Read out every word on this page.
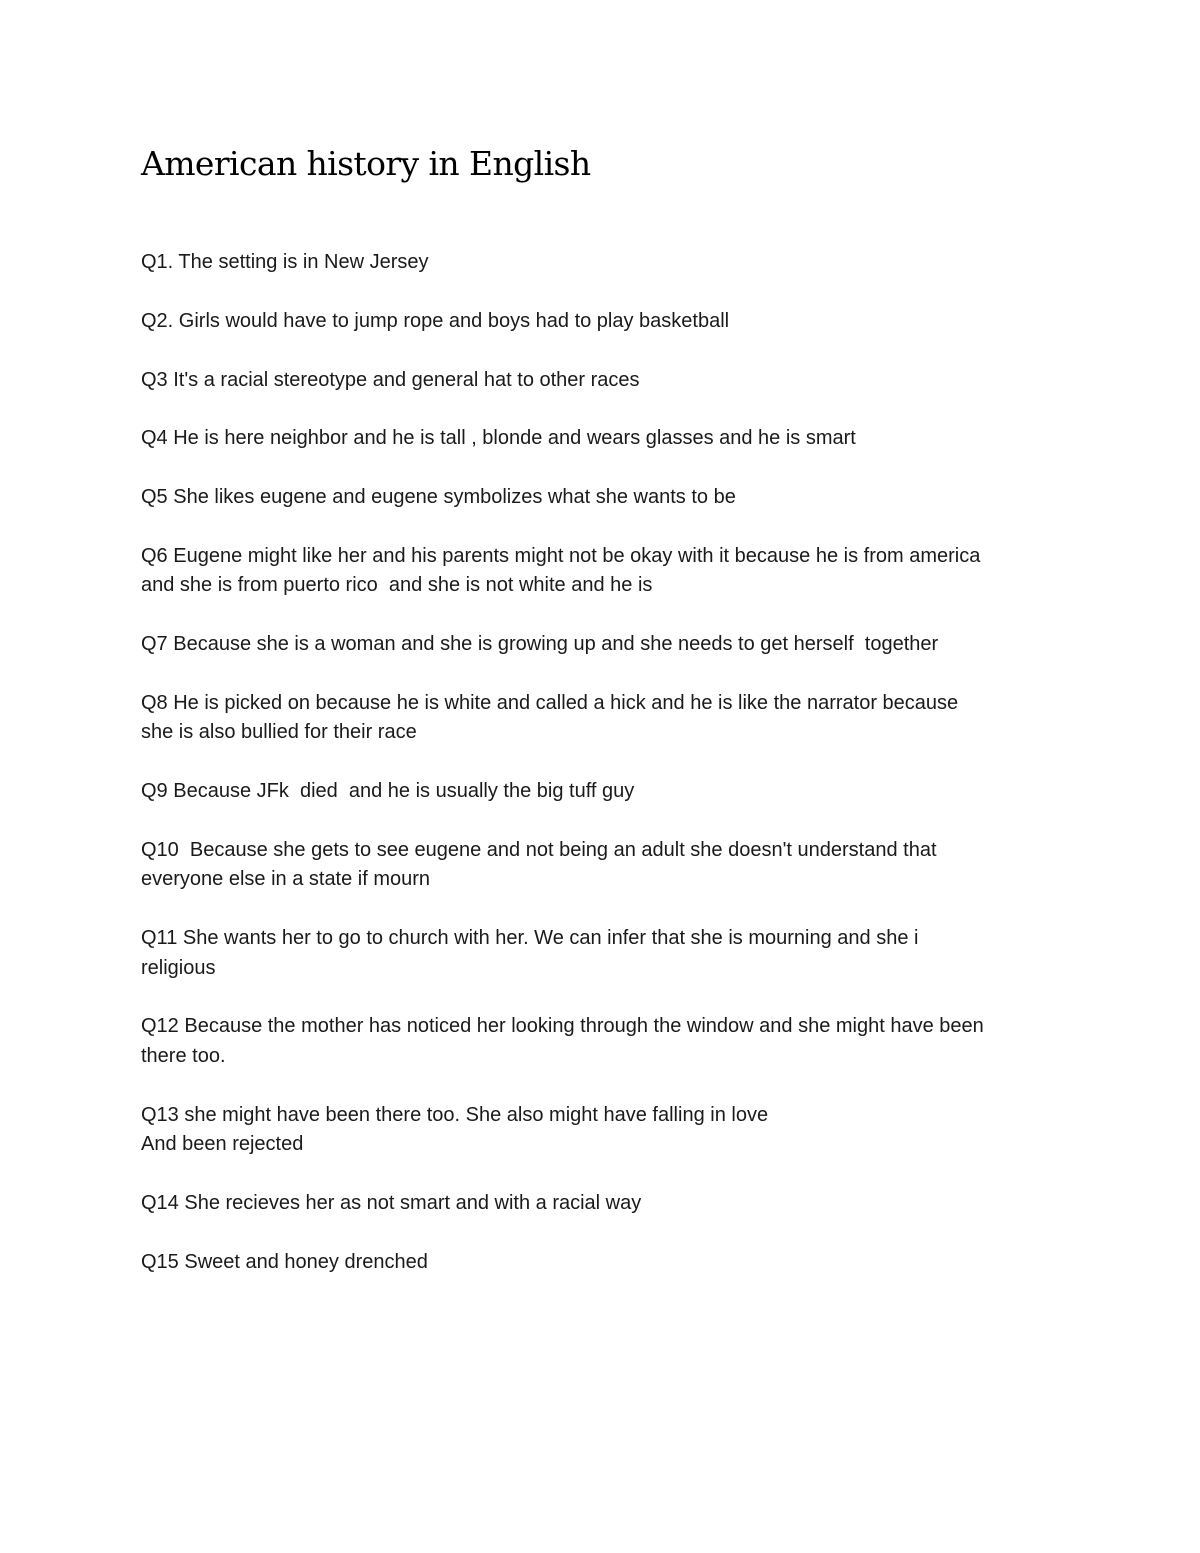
American history in English

Q1. The setting is in New Jersey

Q2. Girls would have to jump rope and boys had to play basketball

Q3 It's a racial stereotype and general hat to other races

Q4 He is here neighbor and he is tall , blonde and wears glasses and he is smart

Q5 She likes eugene and eugene symbolizes what she wants to be

Q6 Eugene might like her and his parents might not be okay with it because he is from america
and she is from puerto rico  and she is not white and he is

Q7 Because she is a woman and she is growing up and she needs to get herself  together

Q8 He is picked on because he is white and called a hick and he is like the narrator because
she is also bullied for their race

Q9 Because JFk  died  and he is usually the big tuff guy

Q10  Because she gets to see eugene and not being an adult she doesn't understand that
everyone else in a state if mourn

Q11 She wants her to go to church with her. We can infer that she is mourning and she i
religious

Q12 Because the mother has noticed her looking through the window and she might have been
there too.

Q13 she might have been there too. She also might have falling in love
And been rejected

Q14 She recieves her as not smart and with a racial way

Q15 Sweet and honey drenched
